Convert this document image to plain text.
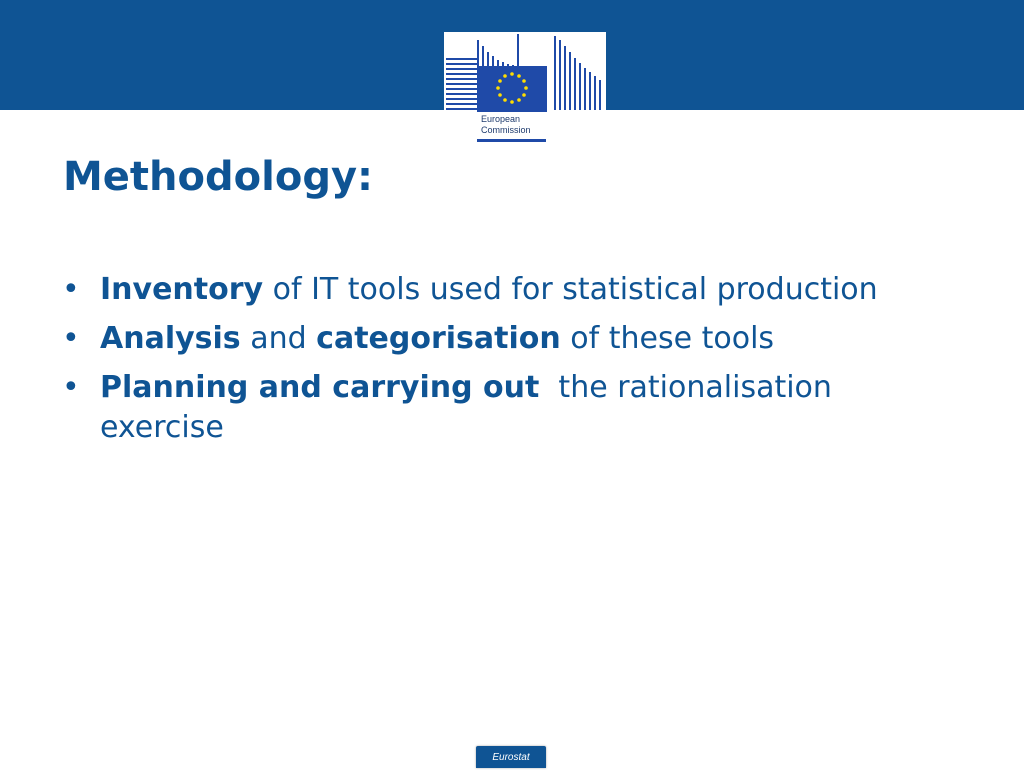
European
Commission
Methodology:
• Inventory of IT tools used for statistical production
• Analysis and categorisation of these tools
• Planning and carrying out  the rationalisation exercise
Eurostat
